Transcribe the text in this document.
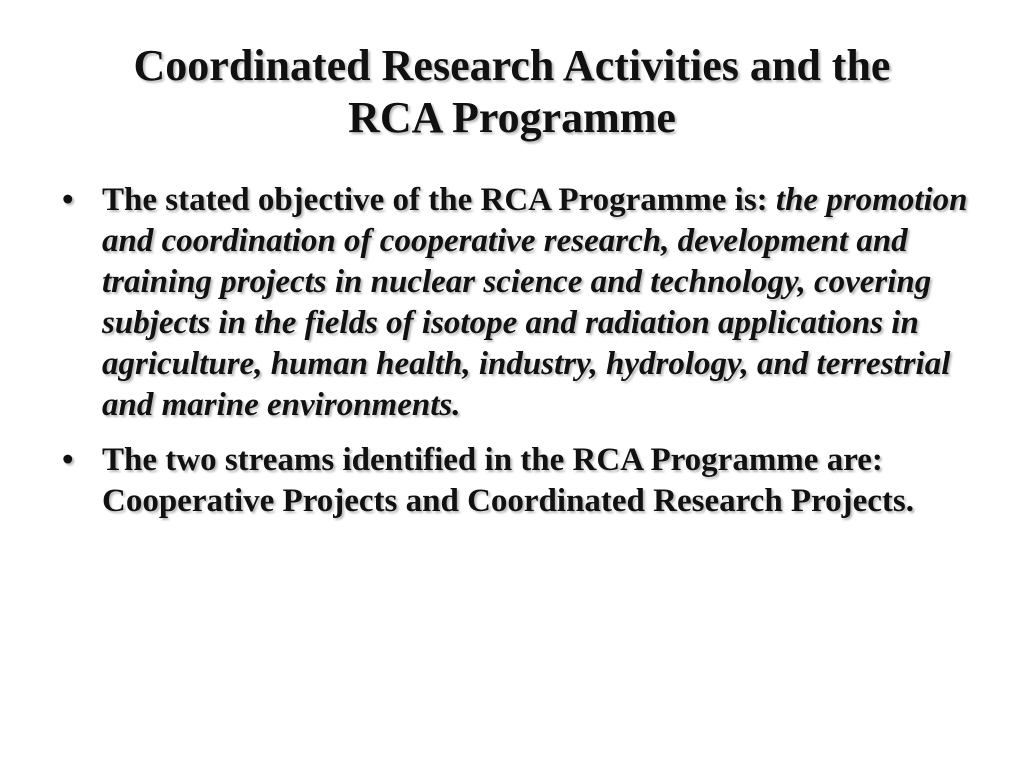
Coordinated Research Activities and the
RCA Programme
• The stated objective of the RCA Programme is: the promotion and coordination of cooperative research, development and training projects in nuclear science and technology, covering subjects in the fields of isotope and radiation applications in agriculture, human health, industry, hydrology, and terrestrial and marine environments.
• The two streams identified in the RCA Programme are: Cooperative Projects and Coordinated Research Projects.
